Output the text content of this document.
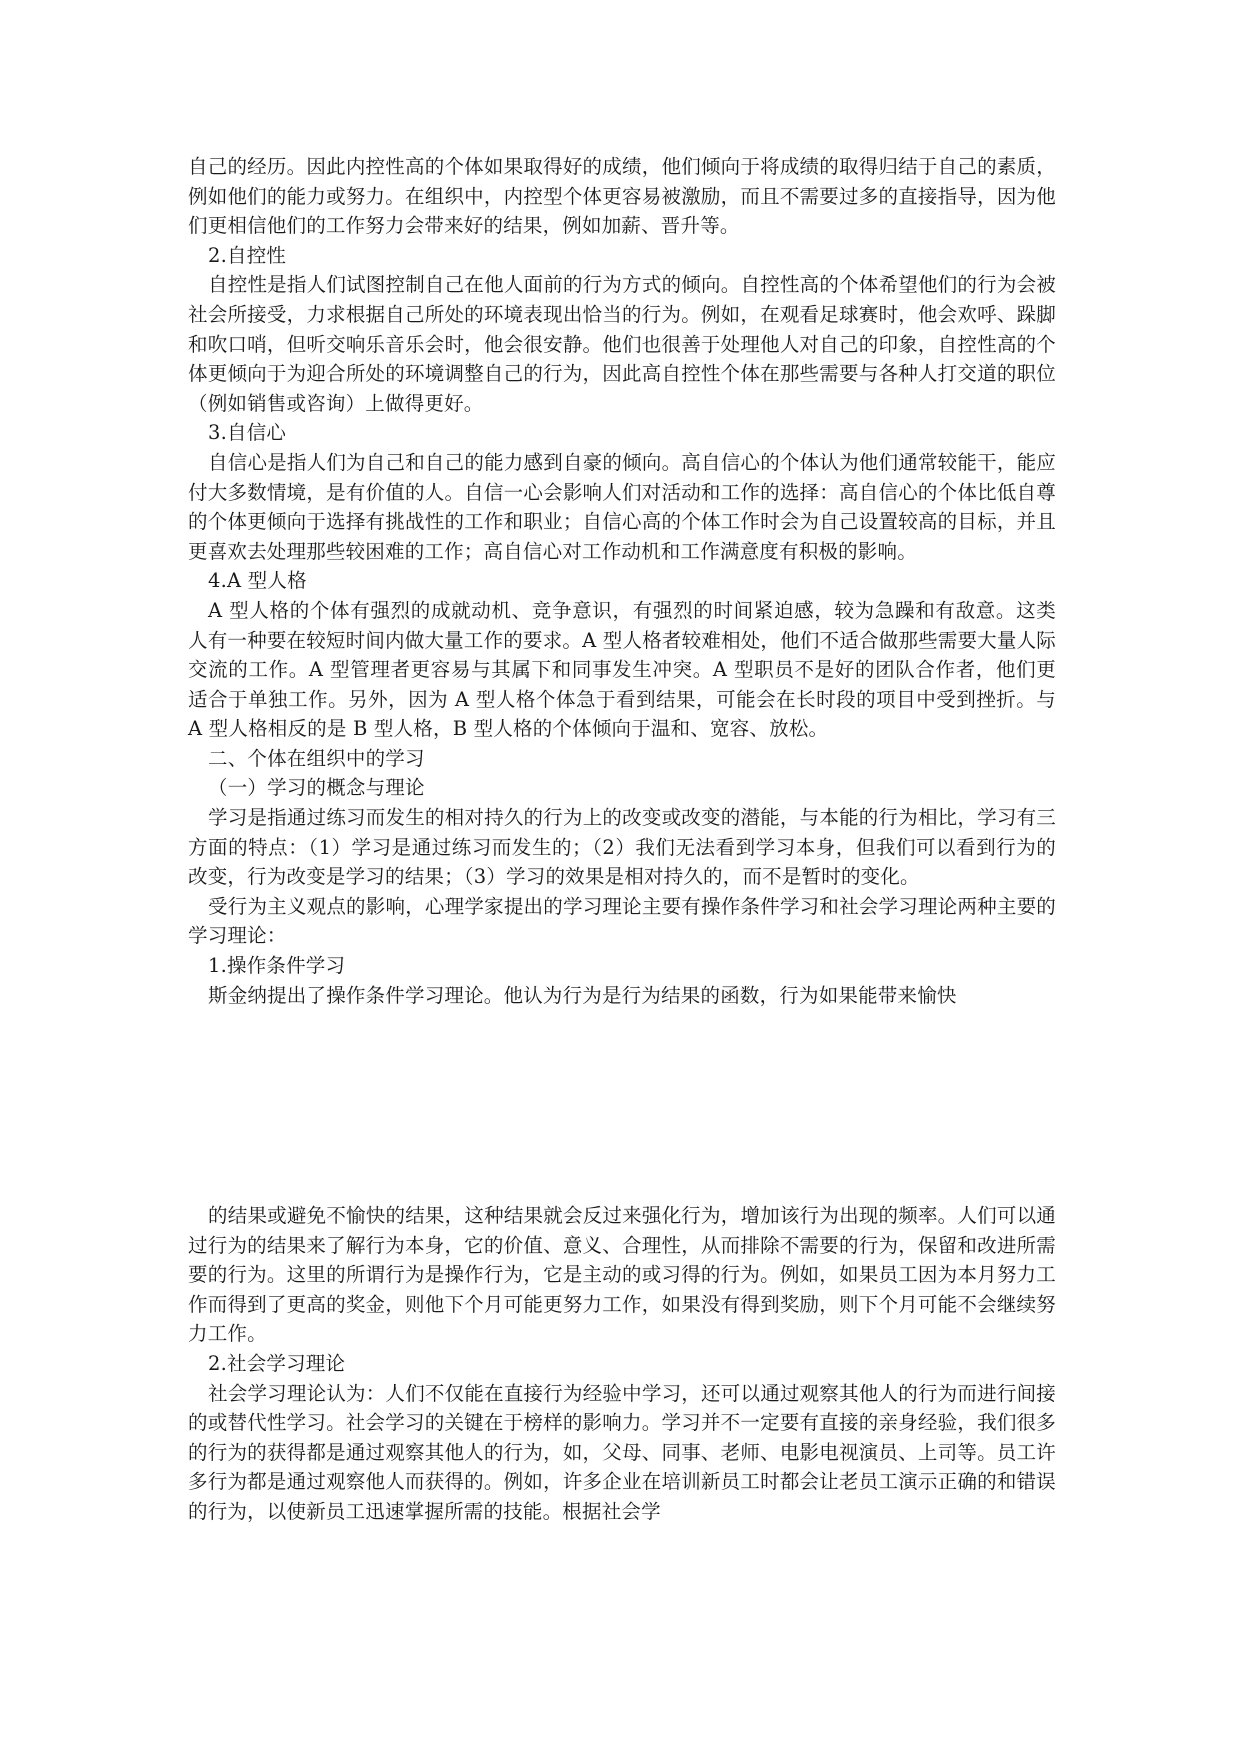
自己的经历。因此内控性高的个体如果取得好的成绩，他们倾向于将成绩的取得归结于自己的素质，例如他们的能力或努力。在组织中，内控型个体更容易被激励，而且不需要过多的直接指导，因为他们更相信他们的工作努力会带来好的结果，例如加薪、晋升等。

2.自控性

自控性是指人们试图控制自己在他人面前的行为方式的倾向。自控性高的个体希望他们的行为会被社会所接受，力求根据自己所处的环境表现出恰当的行为。例如，在观看足球赛时，他会欢呼、跺脚和吹口哨，但听交响乐音乐会时，他会很安静。他们也很善于处理他人对自己的印象，自控性高的个体更倾向于为迎合所处的环境调整自己的行为，因此高自控性个体在那些需要与各种人打交道的职位（例如销售或咨询）上做得更好。

3.自信心

自信心是指人们为自己和自己的能力感到自豪的倾向。高自信心的个体认为他们通常较能干，能应付大多数情境，是有价值的人。自信一心会影响人们对活动和工作的选择：高自信心的个体比低自尊的个体更倾向于选择有挑战性的工作和职业；自信心高的个体工作时会为自己设置较高的目标，并且更喜欢去处理那些较困难的工作；高自信心对工作动机和工作满意度有积极的影响。

4.A 型人格

A 型人格的个体有强烈的成就动机、竞争意识，有强烈的时间紧迫感，较为急躁和有敌意。这类人有一种要在较短时间内做大量工作的要求。A 型人格者较难相处，他们不适合做那些需要大量人际交流的工作。A 型管理者更容易与其属下和同事发生冲突。A 型职员不是好的团队合作者，他们更适合于单独工作。另外，因为 A 型人格个体急于看到结果，可能会在长时段的项目中受到挫折。与 A 型人格相反的是 B 型人格，B 型人格的个体倾向于温和、宽容、放松。

二、个体在组织中的学习

（一）学习的概念与理论

学习是指通过练习而发生的相对持久的行为上的改变或改变的潜能，与本能的行为相比，学习有三方面的特点：（1）学习是通过练习而发生的；（2）我们无法看到学习本身，但我们可以看到行为的改变，行为改变是学习的结果；（3）学习的效果是相对持久的，而不是暂时的变化。

受行为主义观点的影响，心理学家提出的学习理论主要有操作条件学习和社会学习理论两种主要的学习理论：

1.操作条件学习

斯金纳提出了操作条件学习理论。他认为行为是行为结果的函数，行为如果能带来愉快

的结果或避免不愉快的结果，这种结果就会反过来强化行为，增加该行为出现的频率。人们可以通过行为的结果来了解行为本身，它的价值、意义、合理性，从而排除不需要的行为，保留和改进所需要的行为。这里的所谓行为是操作行为，它是主动的或习得的行为。例如，如果员工因为本月努力工作而得到了更高的奖金，则他下个月可能更努力工作，如果没有得到奖励，则下个月可能不会继续努力工作。

2.社会学习理论

社会学习理论认为：人们不仅能在直接行为经验中学习，还可以通过观察其他人的行为而进行间接的或替代性学习。社会学习的关键在于榜样的影响力。学习并不一定要有直接的亲身经验，我们很多的行为的获得都是通过观察其他人的行为，如，父母、同事、老师、电影电视演员、上司等。员工许多行为都是通过观察他人而获得的。例如，许多企业在培训新员工时都会让老员工演示正确的和错误的行为，以使新员工迅速掌握所需的技能。根据社会学
